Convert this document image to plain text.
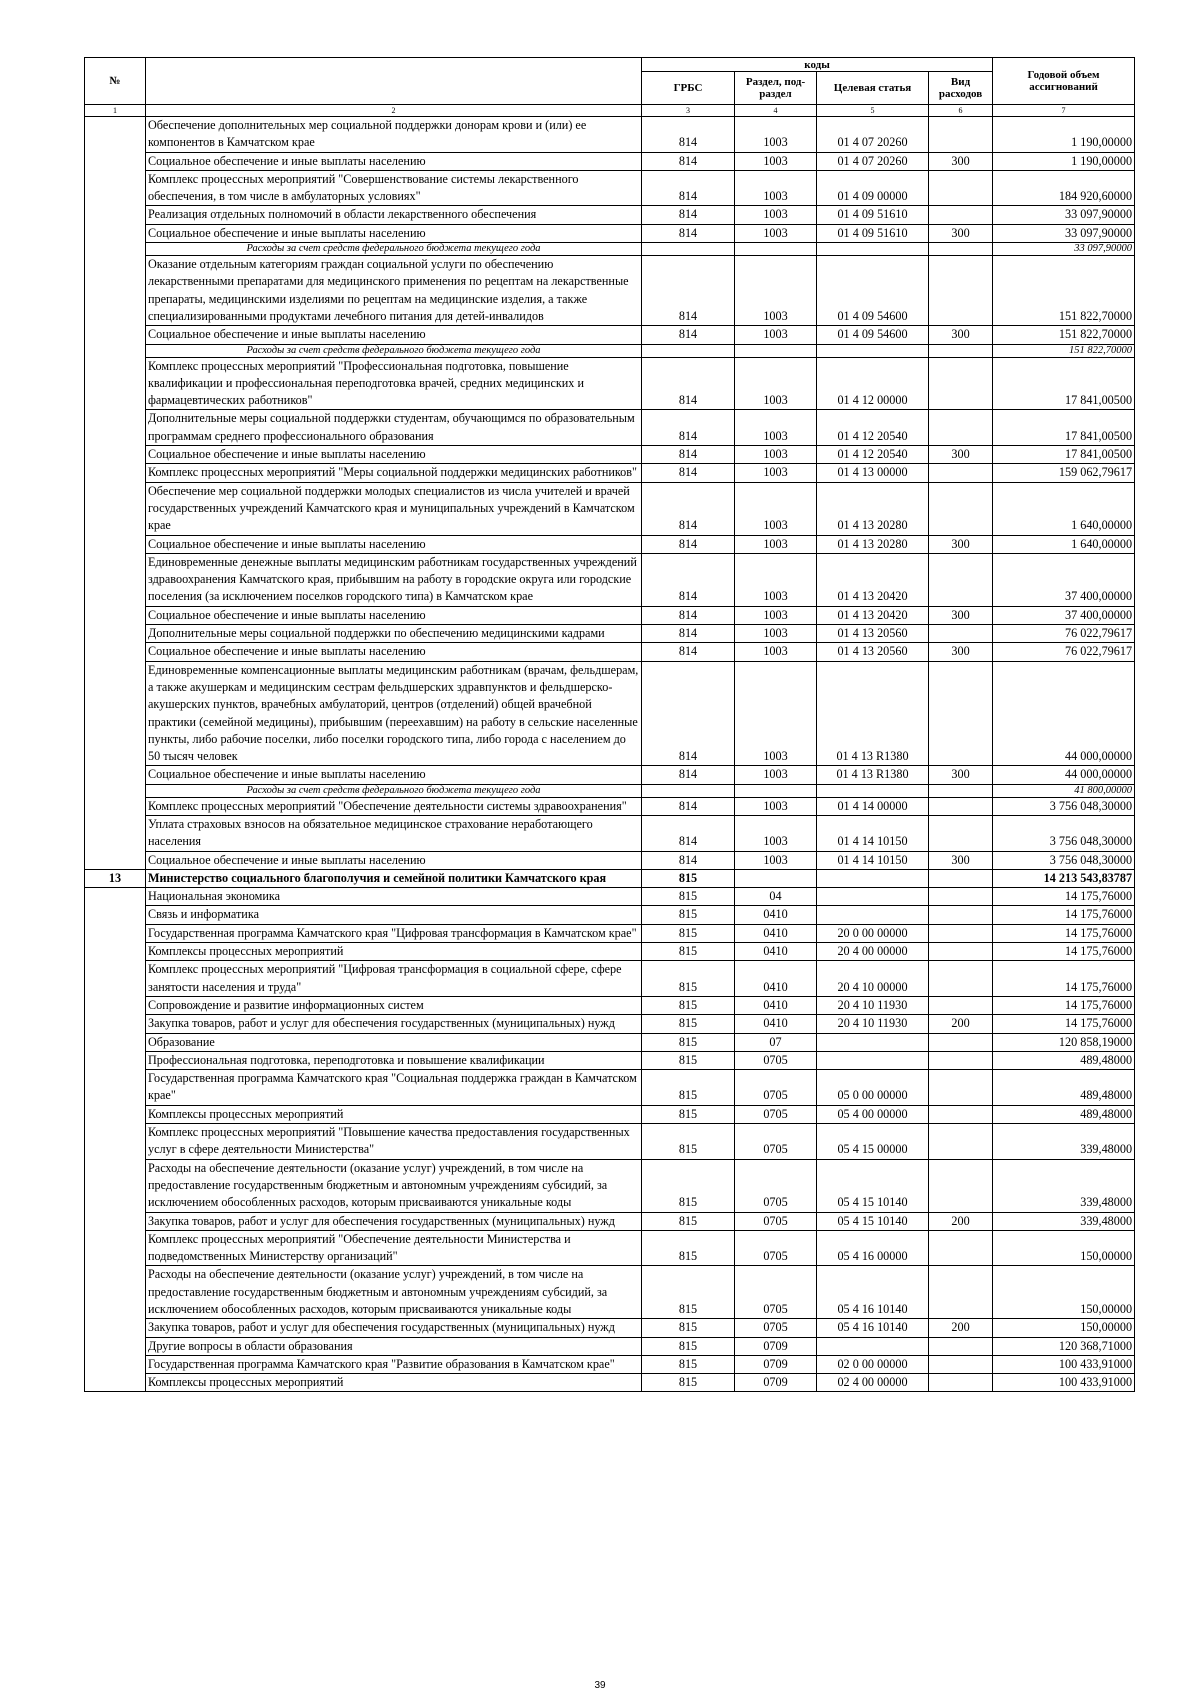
№		коды				Годовой объем ассигнований
		ГРБС	Раздел, под-раздел	Целевая статья	Вид расходов	
1	2	3	4	5	6	7
	Обеспечение дополнительных мер социальной поддержки донорам крови и (или) ее компонентов в Камчатском крае	814	1003	01 4 07 20260		1 190,00000
	Социальное обеспечение и иные выплаты населению	814	1003	01 4 07 20260	300	1 190,00000
	Комплекс процессных мероприятий "Совершенствование системы лекарственного обеспечения, в том числе в амбулаторных условиях"	814	1003	01 4 09 00000		184 920,60000
	Реализация отдельных полномочий в области лекарственного обеспечения	814	1003	01 4 09 51610		33 097,90000
	Социальное обеспечение и иные выплаты населению	814	1003	01 4 09 51610	300	33 097,90000
	Расходы за счет средств федерального бюджета текущего года					33 097,90000
	Оказание отдельным категориям граждан социальной услуги по обеспечению лекарственными препаратами для медицинского применения по рецептам на лекарственные препараты, медицинскими изделиями по рецептам на медицинские изделия, а также специализированными продуктами лечебного питания для детей-инвалидов	814	1003	01 4 09 54600		151 822,70000
	Социальное обеспечение и иные выплаты населению	814	1003	01 4 09 54600	300	151 822,70000
	Расходы за счет средств федерального бюджета текущего года					151 822,70000
	Комплекс процессных мероприятий "Профессиональная подготовка, повышение квалификации и профессиональная переподготовка врачей, средних медицинских и фармацевтических работников"	814	1003	01 4 12 00000		17 841,00500
	Дополнительные меры социальной поддержки студентам, обучающимся по образовательным программам среднего профессионального образования	814	1003	01 4 12 20540		17 841,00500
	Социальное обеспечение и иные выплаты населению	814	1003	01 4 12 20540	300	17 841,00500
	Комплекс процессных мероприятий "Меры социальной поддержки медицинских работников"	814	1003	01 4 13 00000		159 062,79617
	Обеспечение мер социальной поддержки молодых специалистов из числа учителей и врачей государственных учреждений Камчатского края и муниципальных учреждений в Камчатском крае	814	1003	01 4 13 20280		1 640,00000
	Социальное обеспечение и иные выплаты населению	814	1003	01 4 13 20280	300	1 640,00000
	Единовременные денежные выплаты медицинским работникам государственных учреждений здравоохранения Камчатского края, прибывшим на работу в городские округа или городские поселения (за исключением поселков городского типа) в Камчатском крае	814	1003	01 4 13 20420		37 400,00000
	Социальное обеспечение и иные выплаты населению	814	1003	01 4 13 20420	300	37 400,00000
	Дополнительные меры социальной поддержки по обеспечению медицинскими кадрами	814	1003	01 4 13 20560		76 022,79617
	Социальное обеспечение и иные выплаты населению	814	1003	01 4 13 20560	300	76 022,79617
	Единовременные компенсационные выплаты медицинским работникам (врачам, фельдшерам, а также акушеркам и медицинским сестрам фельдшерских здравпунктов и фельдшерско-акушерских пунктов, врачебных амбулаторий, центров (отделений) общей врачебной практики (семейной медицины), прибывшим (переехавшим) на работу в сельские населенные пункты, либо рабочие поселки, либо поселки городского типа, либо города с населением до 50 тысяч человек	814	1003	01 4 13 R1380		44 000,00000
	Социальное обеспечение и иные выплаты населению	814	1003	01 4 13 R1380	300	44 000,00000
	Расходы за счет средств федерального бюджета текущего года					41 800,00000
	Комплекс процессных мероприятий "Обеспечение деятельности системы здравоохранения"	814	1003	01 4 14 00000		3 756 048,30000
	Уплата страховых взносов на обязательное медицинское страхование неработающего населения	814	1003	01 4 14 10150		3 756 048,30000
	Социальное обеспечение и иные выплаты населению	814	1003	01 4 14 10150	300	3 756 048,30000
13	Министерство социального благополучия и семейной политики Камчатского края	815				14 213 543,83787
	Национальная экономика	815	04			14 175,76000
	Связь и информатика	815	0410			14 175,76000
	Государственная программа Камчатского края "Цифровая трансформация в Камчатском крае"	815	0410	20 0 00 00000		14 175,76000
	Комплексы процессных мероприятий	815	0410	20 4 00 00000		14 175,76000
	Комплекс процессных мероприятий "Цифровая трансформация в социальной сфере, сфере занятости населения и труда"	815	0410	20 4 10 00000		14 175,76000
	Сопровождение и развитие информационных систем	815	0410	20 4 10 11930		14 175,76000
	Закупка товаров, работ и услуг для обеспечения государственных (муниципальных) нужд	815	0410	20 4 10 11930	200	14 175,76000
	Образование	815	07			120 858,19000
	Профессиональная подготовка, переподготовка и повышение квалификации	815	0705			489,48000
	Государственная программа Камчатского края "Социальная поддержка граждан в Камчатском крае"	815	0705	05 0 00 00000		489,48000
	Комплексы процессных мероприятий	815	0705	05 4 00 00000		489,48000
	Комплекс процессных мероприятий "Повышение качества предоставления государственных услуг в сфере деятельности Министерства"	815	0705	05 4 15 00000		339,48000
	Расходы на обеспечение деятельности (оказание услуг) учреждений, в том числе на предоставление государственным бюджетным и автономным учреждениям субсидий, за исключением обособленных расходов, которым присваиваются уникальные коды	815	0705	05 4 15 10140		339,48000
	Закупка товаров, работ и услуг для обеспечения государственных (муниципальных) нужд	815	0705	05 4 15 10140	200	339,48000
	Комплекс процессных мероприятий "Обеспечение деятельности Министерства и подведомственных Министерству организаций"	815	0705	05 4 16 00000		150,00000
	Расходы на обеспечение деятельности (оказание услуг) учреждений, в том числе на предоставление государственным бюджетным и автономным учреждениям субсидий, за исключением обособленных расходов, которым присваиваются уникальные коды	815	0705	05 4 16 10140		150,00000
	Закупка товаров, работ и услуг для обеспечения государственных (муниципальных) нужд	815	0705	05 4 16 10140	200	150,00000
	Другие вопросы в области образования	815	0709			120 368,71000
	Государственная программа Камчатского края "Развитие образования в Камчатском крае"	815	0709	02 0 00 00000		100 433,91000
	Комплексы процессных мероприятий	815	0709	02 4 00 00000		100 433,91000
39
